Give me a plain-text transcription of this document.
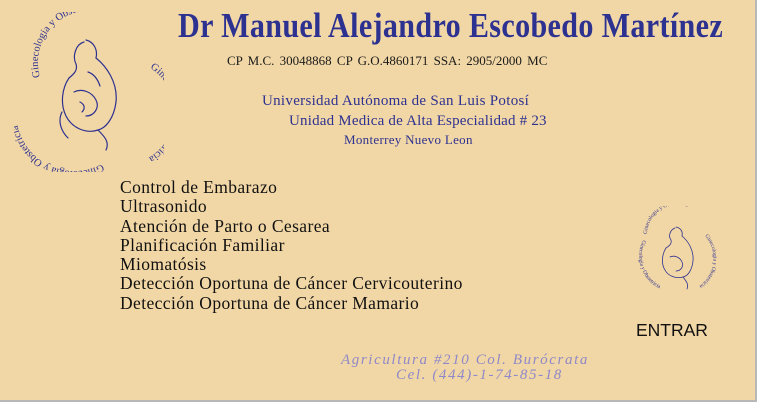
Ginecologia y Ob
Gi cia
Gin ia y Obstetri
Dr Manuel Alejandro Escobedo Martínez
CP M.C. 30048868 CP G.O.4860171 SSA: 2905/2000 MC
Universidad Autónoma de San Luis Potosí
Unidad Medica de Alta Especialidad # 23
Monterrey Nuevo Leon
Control de Embarazo
Ultrasonido
Atención de Parto o Cesarea
Planificación Familiar
Miomatósis
Detección Oportuna de Cáncer Cervicouterino
Detección Oportuna de Cáncer Mamario
Ginecologia y O
Ginecologia y Obstetricia
Ginecologia y Obstetricia
ENTRAR
Agricultura #210 Col. Burócrata
Cel. (444)-1-74-85-18
